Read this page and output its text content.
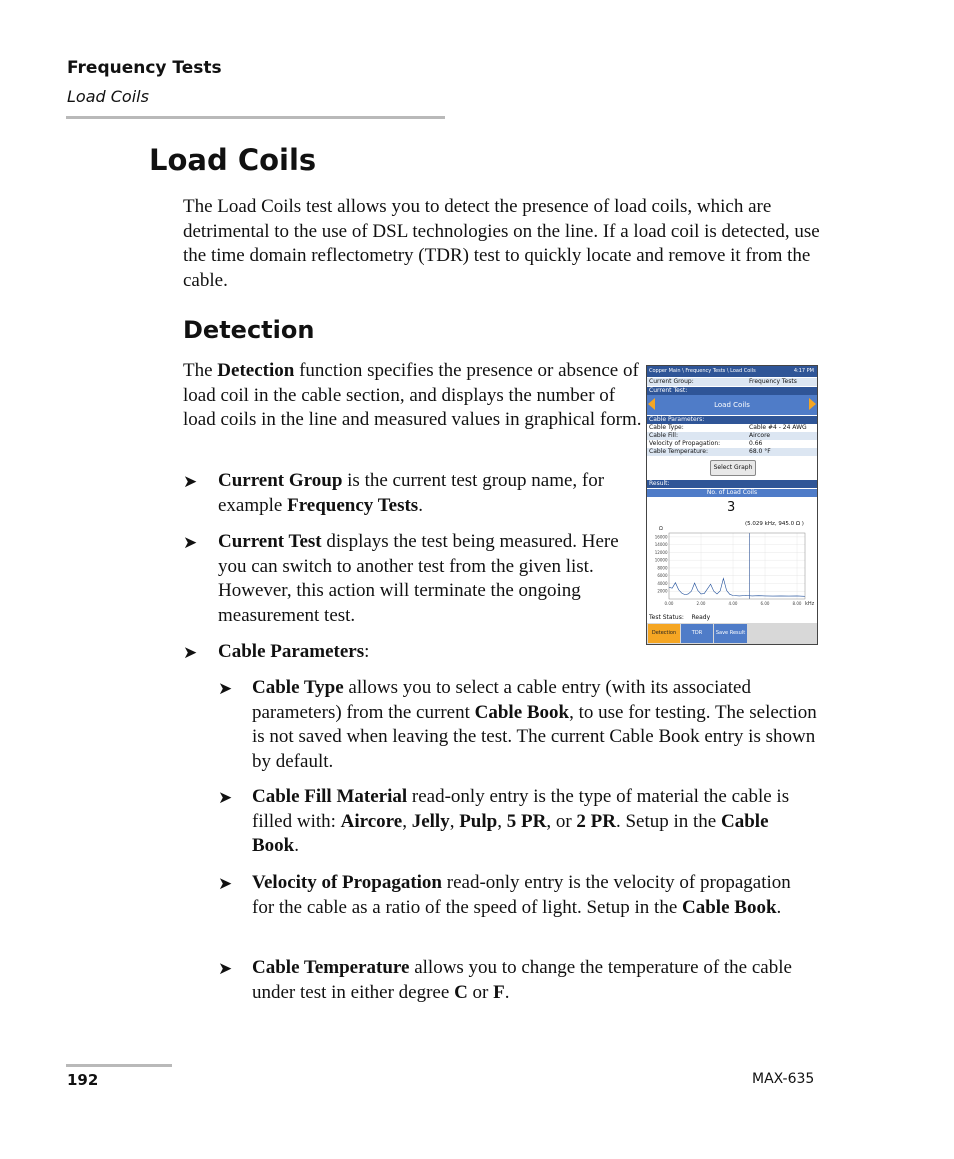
Frequency Tests
Load Coils
Load Coils

The Load Coils test allows you to detect the presence of load coils, which are detrimental to the use of DSL technologies on the line. If a load coil is detected, use the time domain reflectometry (TDR) test to quickly locate and remove it from the cable.

Detection

The Detection function specifies the presence or absence of load coil in the cable section, and displays the number of load coils in the line and measured values in graphical form.

➤ Current Group is the current test group name, for example Frequency Tests.
➤ Current Test displays the test being measured. Here you can switch to another test from the given list. However, this action will terminate the ongoing measurement test.
➤ Cable Parameters:
➤ Cable Type allows you to select a cable entry (with its associated parameters) from the current Cable Book, to use for testing. The selection is not saved when leaving the test. The current Cable Book entry is shown by default.
➤ Cable Fill Material read-only entry is the type of material the cable is filled with: Aircore, Jelly, Pulp, 5 PR, or 2 PR. Setup in the Cable Book.
➤ Velocity of Propagation read-only entry is the velocity of propagation for the cable as a ratio of the speed of light. Setup in the Cable Book.
➤ Cable Temperature allows you to change the temperature of the cable under test in either degree C or F.
Copper Main \ Frequency Tests \ Load Coils	4:17 PM
Current Group:	Frequency Tests
Current Test:
Load Coils
Cable Parameters:
Cable Type:	Cable #4 - 24 AWG
Cable Fill:	Aircore
Velocity of Propagation:	0.66
Cable Temperature:	68.0 °F
Select Graph
Result:
No. of Load Coils
3
(5.029 kHz, 945.0 Ω )
Ω
kHz
2000
4000
6000
8000
10000
12000
14000
16000
0.00	2.00	4.00	6.00	8.00
Test Status: Ready
Detection	TDR	Save Result
192	MAX-635
